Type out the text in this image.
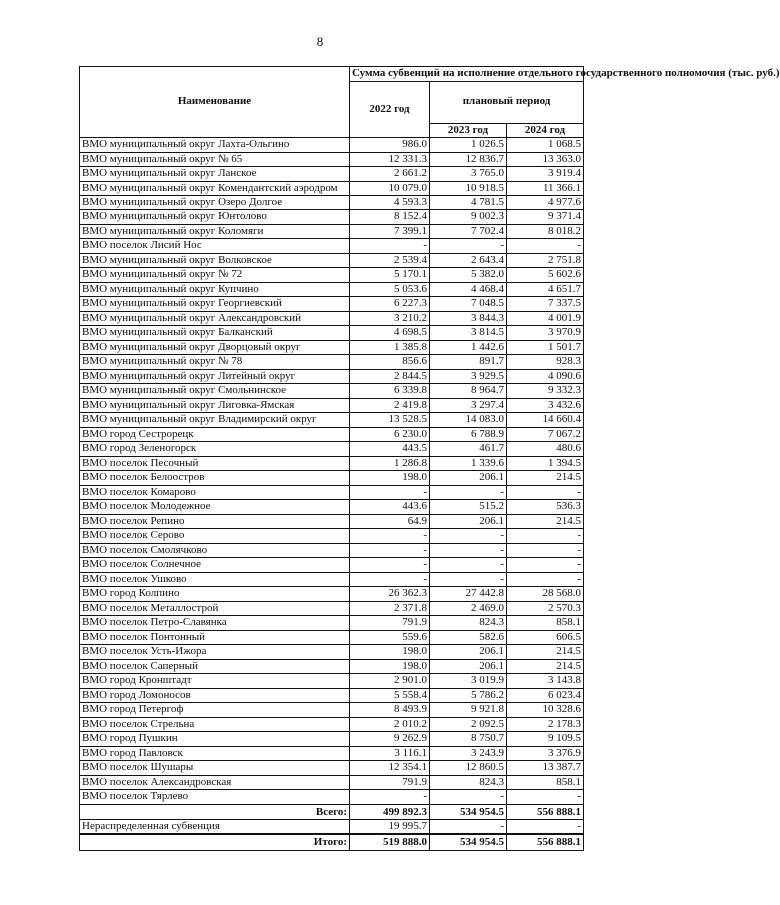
8
Наименование	Сумма субвенций на исполнение отдельного государственного полномочия (тыс. руб.)		
	2022 год	плановый период	
		2023 год	2024 год
ВМО муниципальный округ Лахта-Ольгино	986.0	1 026.5	1 068.5
ВМО муниципальный округ № 65	12 331.3	12 836.7	13 363.0
ВМО муниципальный округ Ланское	2 661.2	3 765.0	3 919.4
ВМО муниципальный округ Комендантский аэродром	10 079.0	10 918.5	11 366.1
ВМО муниципальный округ Озеро Долгое	4 593.3	4 781.5	4 977.6
ВМО муниципальный округ Юнтолово	8 152.4	9 002.3	9 371.4
ВМО муниципальный округ Коломяги	7 399.1	7 702.4	8 018.2
ВМО поселок Лисий Нос	-	-	-
ВМО муниципальный округ Волковское	2 539.4	2 643.4	2 751.8
ВМО муниципальный округ № 72	5 170.1	5 382.0	5 602.6
ВМО муниципальный округ Купчино	5 053.6	4 468.4	4 651.7
ВМО муниципальный округ Георгиевский	6 227.3	7 048.5	7 337.5
ВМО муниципальный округ Александровский	3 210.2	3 844.3	4 001.9
ВМО муниципальный округ Балканский	4 698.5	3 814.5	3 970.9
ВМО муниципальный округ Дворцовый округ	1 385.8	1 442.6	1 501.7
ВМО муниципальный округ № 78	856.6	891.7	928.3
ВМО муниципальный округ Литейный округ	2 844.5	3 929.5	4 090.6
ВМО муниципальный округ Смольнинское	6 339.8	8 964.7	9 332.3
ВМО муниципальный округ Лиговка-Ямская	2 419.8	3 297.4	3 432.6
ВМО муниципальный округ Владимирский округ	13 528.5	14 083.0	14 660.4
ВМО город Сестрорецк	6 230.0	6 788.9	7 067.2
ВМО город Зеленогорск	443.5	461.7	480.6
ВМО поселок Песочный	1 286.8	1 339.6	1 394.5
ВМО поселок Белоостров	198.0	206.1	214.5
ВМО поселок Комарово	-	-	-
ВМО поселок Молодежное	443.6	515.2	536.3
ВМО поселок Репино	64.9	206.1	214.5
ВМО поселок Серово	-	-	-
ВМО поселок Смолячково	-	-	-
ВМО поселок Солнечное	-	-	-
ВМО поселок Ушково	-	-	-
ВМО город Колпино	26 362.3	27 442.8	28 568.0
ВМО поселок Металлострой	2 371.8	2 469.0	2 570.3
ВМО поселок Петро-Славянка	791.9	824.3	858.1
ВМО поселок Понтонный	559.6	582.6	606.5
ВМО поселок Усть-Ижора	198.0	206.1	214.5
ВМО поселок Саперный	198.0	206.1	214.5
ВМО город Кронштадт	2 901.0	3 019.9	3 143.8
ВМО город Ломоносов	5 558.4	5 786.2	6 023.4
ВМО город Петергоф	8 493.9	9 921.8	10 328.6
ВМО поселок Стрельна	2 010.2	2 092.5	2 178.3
ВМО город Пушкин	9 262.9	8 750.7	9 109.5
ВМО город Павловск	3 116.1	3 243.9	3 376.9
ВМО поселок Шушары	12 354.1	12 860.5	13 387.7
ВМО поселок Александровская	791.9	824.3	858.1
ВМО поселок Тярлево	-	-	-
Всего:	499 892.3	534 954.5	556 888.1
Нераспределенная субвенция	19 995.7	-	-
Итого:	519 888.0	534 954.5	556 888.1
